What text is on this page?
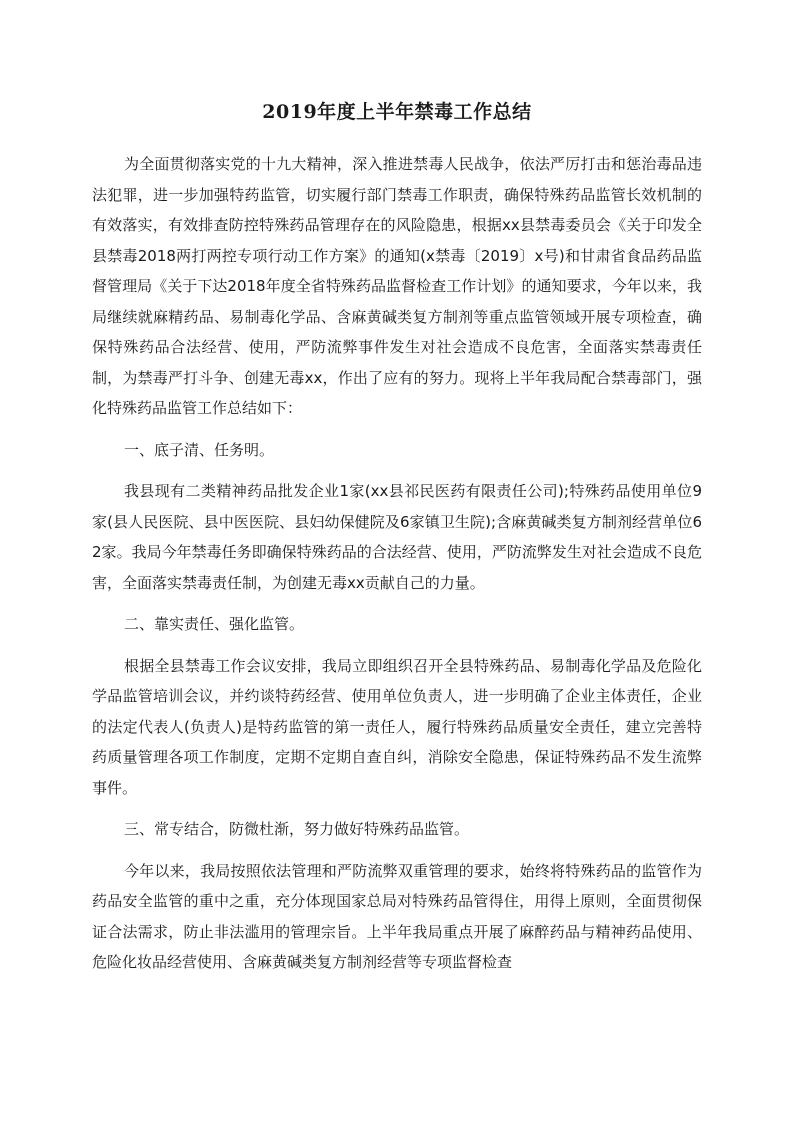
2019年度上半年禁毒工作总结

为全面贯彻落实党的十九大精神，深入推进禁毒人民战争，依法严厉打击和惩治毒品违法犯罪，进一步加强特药监管，切实履行部门禁毒工作职责，确保特殊药品监管长效机制的有效落实，有效排查防控特殊药品管理存在的风险隐患，根据xx县禁毒委员会《关于印发全县禁毒2018两打两控专项行动工作方案》的通知(x禁毒〔2019〕x号)和甘肃省食品药品监督管理局《关于下达2018年度全省特殊药品监督检查工作计划》的通知要求，今年以来，我局继续就麻精药品、易制毒化学品、含麻黄碱类复方制剂等重点监管领域开展专项检查，确保特殊药品合法经营、使用，严防流弊事件发生对社会造成不良危害，全面落实禁毒责任制，为禁毒严打斗争、创建无毒xx，作出了应有的努力。现将上半年我局配合禁毒部门，强化特殊药品监管工作总结如下：

一、底子清、任务明。

我县现有二类精神药品批发企业1家(xx县祁民医药有限责任公司);特殊药品使用单位9家(县人民医院、县中医医院、县妇幼保健院及6家镇卫生院);含麻黄碱类复方制剂经营单位62家。我局今年禁毒任务即确保特殊药品的合法经营、使用，严防流弊发生对社会造成不良危害，全面落实禁毒责任制，为创建无毒xx贡献自己的力量。

二、靠实责任、强化监管。

根据全县禁毒工作会议安排，我局立即组织召开全县特殊药品、易制毒化学品及危险化学品监管培训会议，并约谈特药经营、使用单位负责人，进一步明确了企业主体责任，企业的法定代表人(负责人)是特药监管的第一责任人，履行特殊药品质量安全责任，建立完善特药质量管理各项工作制度，定期不定期自查自纠，消除安全隐患，保证特殊药品不发生流弊事件。

三、常专结合，防微杜渐，努力做好特殊药品监管。

今年以来，我局按照依法管理和严防流弊双重管理的要求，始终将特殊药品的监管作为药品安全监管的重中之重，充分体现国家总局对特殊药品管得住，用得上原则，全面贯彻保证合法需求，防止非法滥用的管理宗旨。上半年我局重点开展了麻醉药品与精神药品使用、危险化妆品经营使用、含麻黄碱类复方制剂经营等专项监督检查
